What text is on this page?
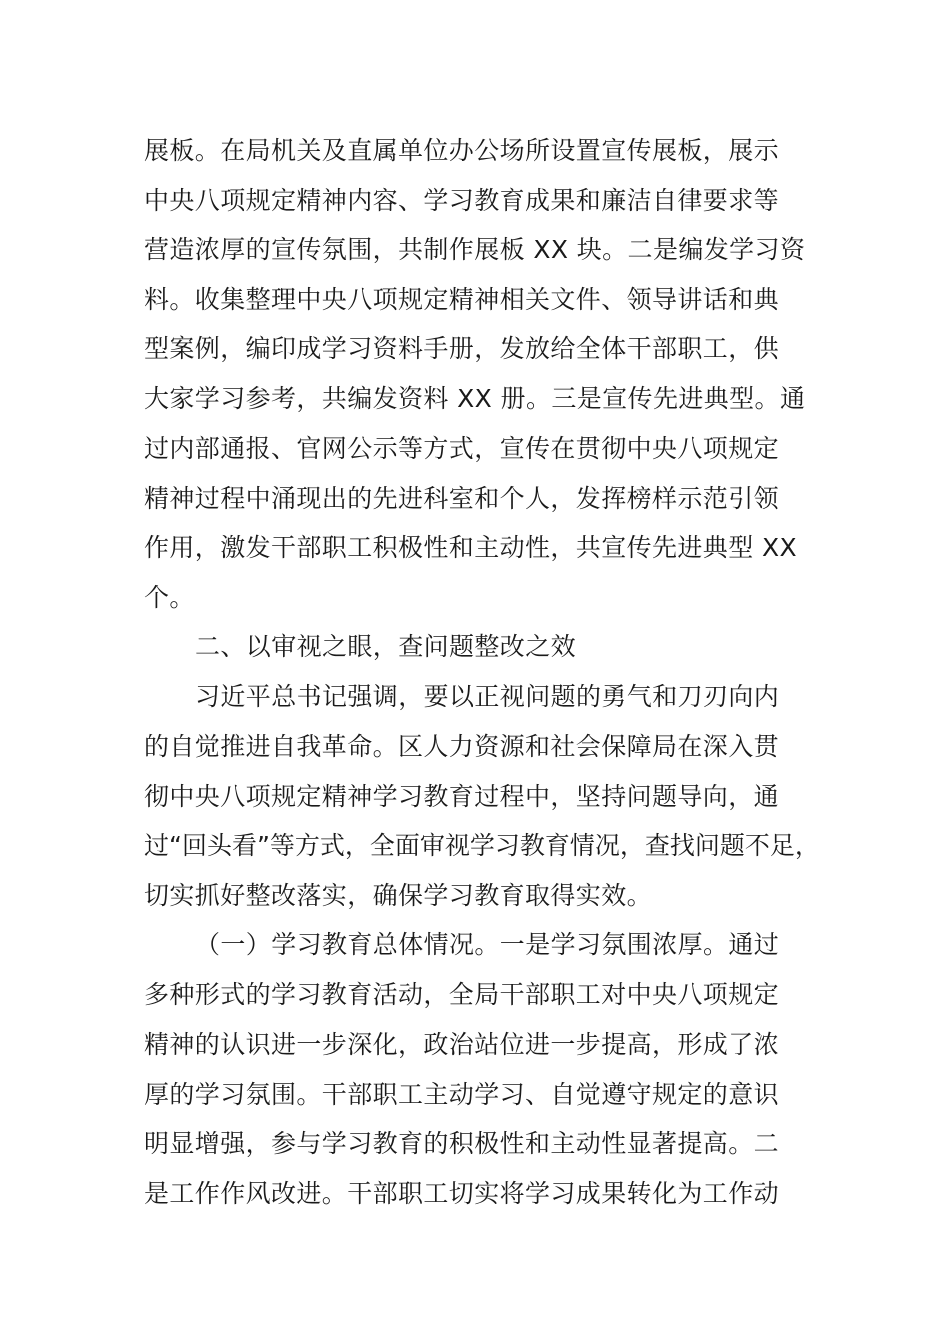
展板。在局机关及直属单位办公场所设置宣传展板，展示
中央八项规定精神内容、学习教育成果和廉洁自律要求等
营造浓厚的宣传氛围，共制作展板 XX 块。二是编发学习资
料。收集整理中央八项规定精神相关文件、领导讲话和典
型案例，编印成学习资料手册，发放给全体干部职工，供
大家学习参考，共编发资料 XX 册。三是宣传先进典型。通
过内部通报、官网公示等方式，宣传在贯彻中央八项规定
精神过程中涌现出的先进科室和个人，发挥榜样示范引领
作用，激发干部职工积极性和主动性，共宣传先进典型 XX
个。
二、以审视之眼，查问题整改之效
习近平总书记强调，要以正视问题的勇气和刀刃向内
的自觉推进自我革命。区人力资源和社会保障局在深入贯
彻中央八项规定精神学习教育过程中，坚持问题导向，通
过“回头看”等方式，全面审视学习教育情况，查找问题不足，
切实抓好整改落实，确保学习教育取得实效。
（一）学习教育总体情况。一是学习氛围浓厚。通过
多种形式的学习教育活动，全局干部职工对中央八项规定
精神的认识进一步深化，政治站位进一步提高，形成了浓
厚的学习氛围。干部职工主动学习、自觉遵守规定的意识
明显增强，参与学习教育的积极性和主动性显著提高。二
是工作作风改进。干部职工切实将学习成果转化为工作动
